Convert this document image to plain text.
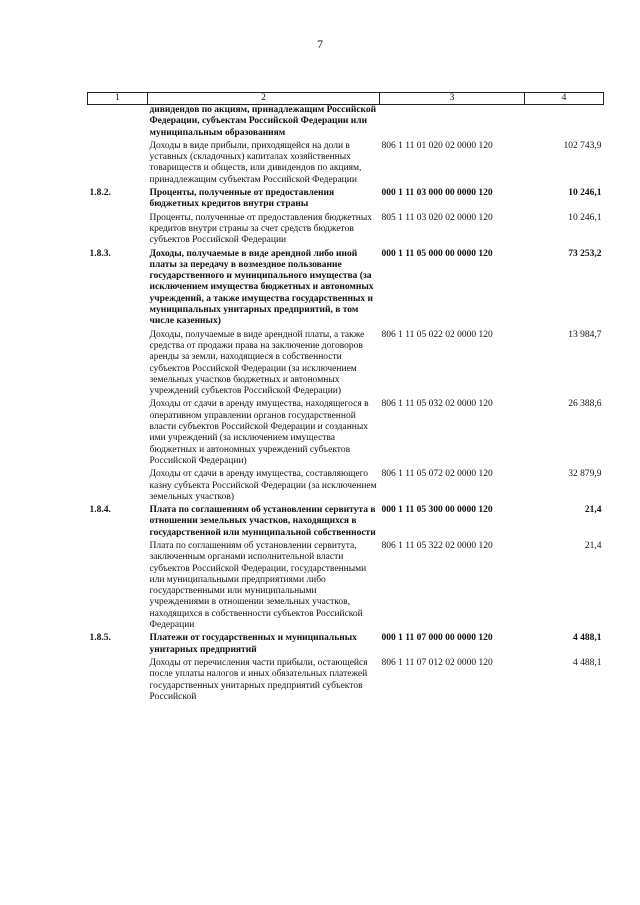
7
1	2	3	4
	дивидендов по акциям, принадлежащим Российской Федерации, субъектам Российской Федерации или муниципальным образованиям		
	Доходы в виде прибыли, приходящейся на доли в уставных (складочных) капиталах хозяйственных товариществ и обществ, или дивидендов по акциям, принадлежащим субъектам Российской Федерации	806 1 11 01 020 02 0000 120	102 743,9
1.8.2.	Проценты, полученные от предоставления бюджетных кредитов внутри страны	000 1 11 03 000 00 0000 120	10 246,1
	Проценты, полученные от предоставления бюджетных кредитов внутри страны за счет средств бюджетов субъектов Российской Федерации	805 1 11 03 020 02 0000 120	10 246,1
1.8.3.	Доходы, получаемые в виде арендной либо иной платы за передачу в возмездное пользование государственного и муниципального имущества (за исключением имущества бюджетных и автономных учреждений, а также имущества государственных и муниципальных унитарных предприятий, в том числе казенных)	000 1 11 05 000 00 0000 120	73 253,2
	Доходы, получаемые в виде арендной платы, а также средства от продажи права на заключение договоров аренды за земли, находящиеся в собственности субъектов Российской Федерации (за исключением земельных участков бюджетных и автономных учреждений субъектов Российской Федерации)	806 1 11 05 022 02 0000 120	13 984,7
	Доходы от сдачи в аренду имущества, находящегося в оперативном управлении органов государственной власти субъектов Российской Федерации и созданных ими учреждений (за исключением имущества бюджетных и автономных учреждений субъектов Российской Федерации)	806 1 11 05 032 02 0000 120	26 388,6
	Доходы от сдачи в аренду имущества, составляющего казну субъекта Российской Федерации (за исключением земельных участков)	806 1 11 05 072 02 0000 120	32 879,9
1.8.4.	Плата по соглашениям об установлении сервитута в отношении земельных участков, находящихся в государственной или муниципальной собственности	000 1 11 05 300 00 0000 120	21,4
	Плата по соглашениям об установлении сервитута, заключенным органами исполнительной власти субъектов Российской Федерации, государственными или муниципальными предприятиями либо государственными или муниципальными учреждениями в отношении земельных участков, находящихся в собственности субъектов Российской Федерации	806 1 11 05 322 02 0000 120	21,4
1.8.5.	Платежи от государственных и муниципальных унитарных предприятий	000 1 11 07 000 00 0000 120	4 488,1
	Доходы от перечисления части прибыли, остающейся после уплаты налогов и иных обязательных платежей государственных унитарных предприятий субъектов Российской	806 1 11 07 012 02 0000 120	4 488,1
